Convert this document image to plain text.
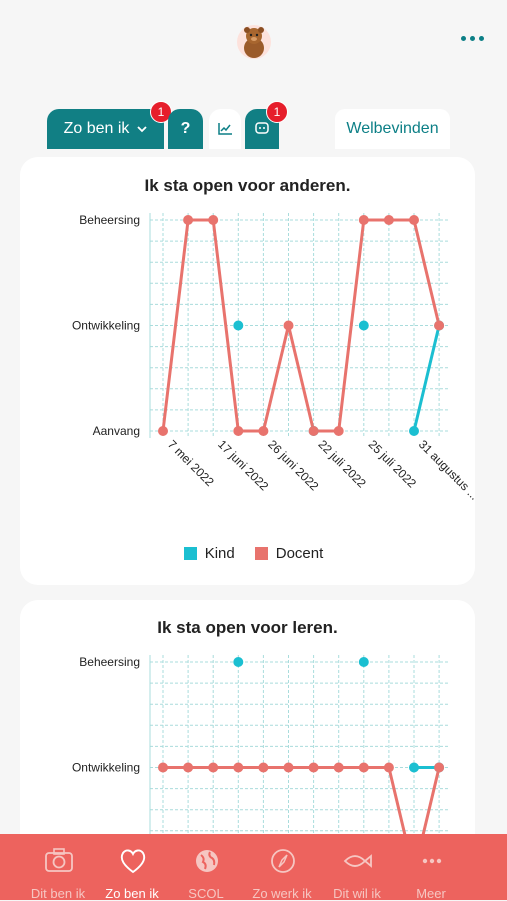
Zo ben ik
1
?
1
Welbevinden
Ik sta open voor anderen.
Ik sta open voor leren.
Aanvang
Ontwikkeling
Beheersing
7 mei 2022
17 juni 2022
26 juni 2022
22 juli 2022
25 juli 2022
31 augustus ...
Ontwikkeling
Beheersing
Kind	Docent
Dit ben ik	Zo ben ik	SCOL	Zo werk ik	Dit wil ik	Meer
